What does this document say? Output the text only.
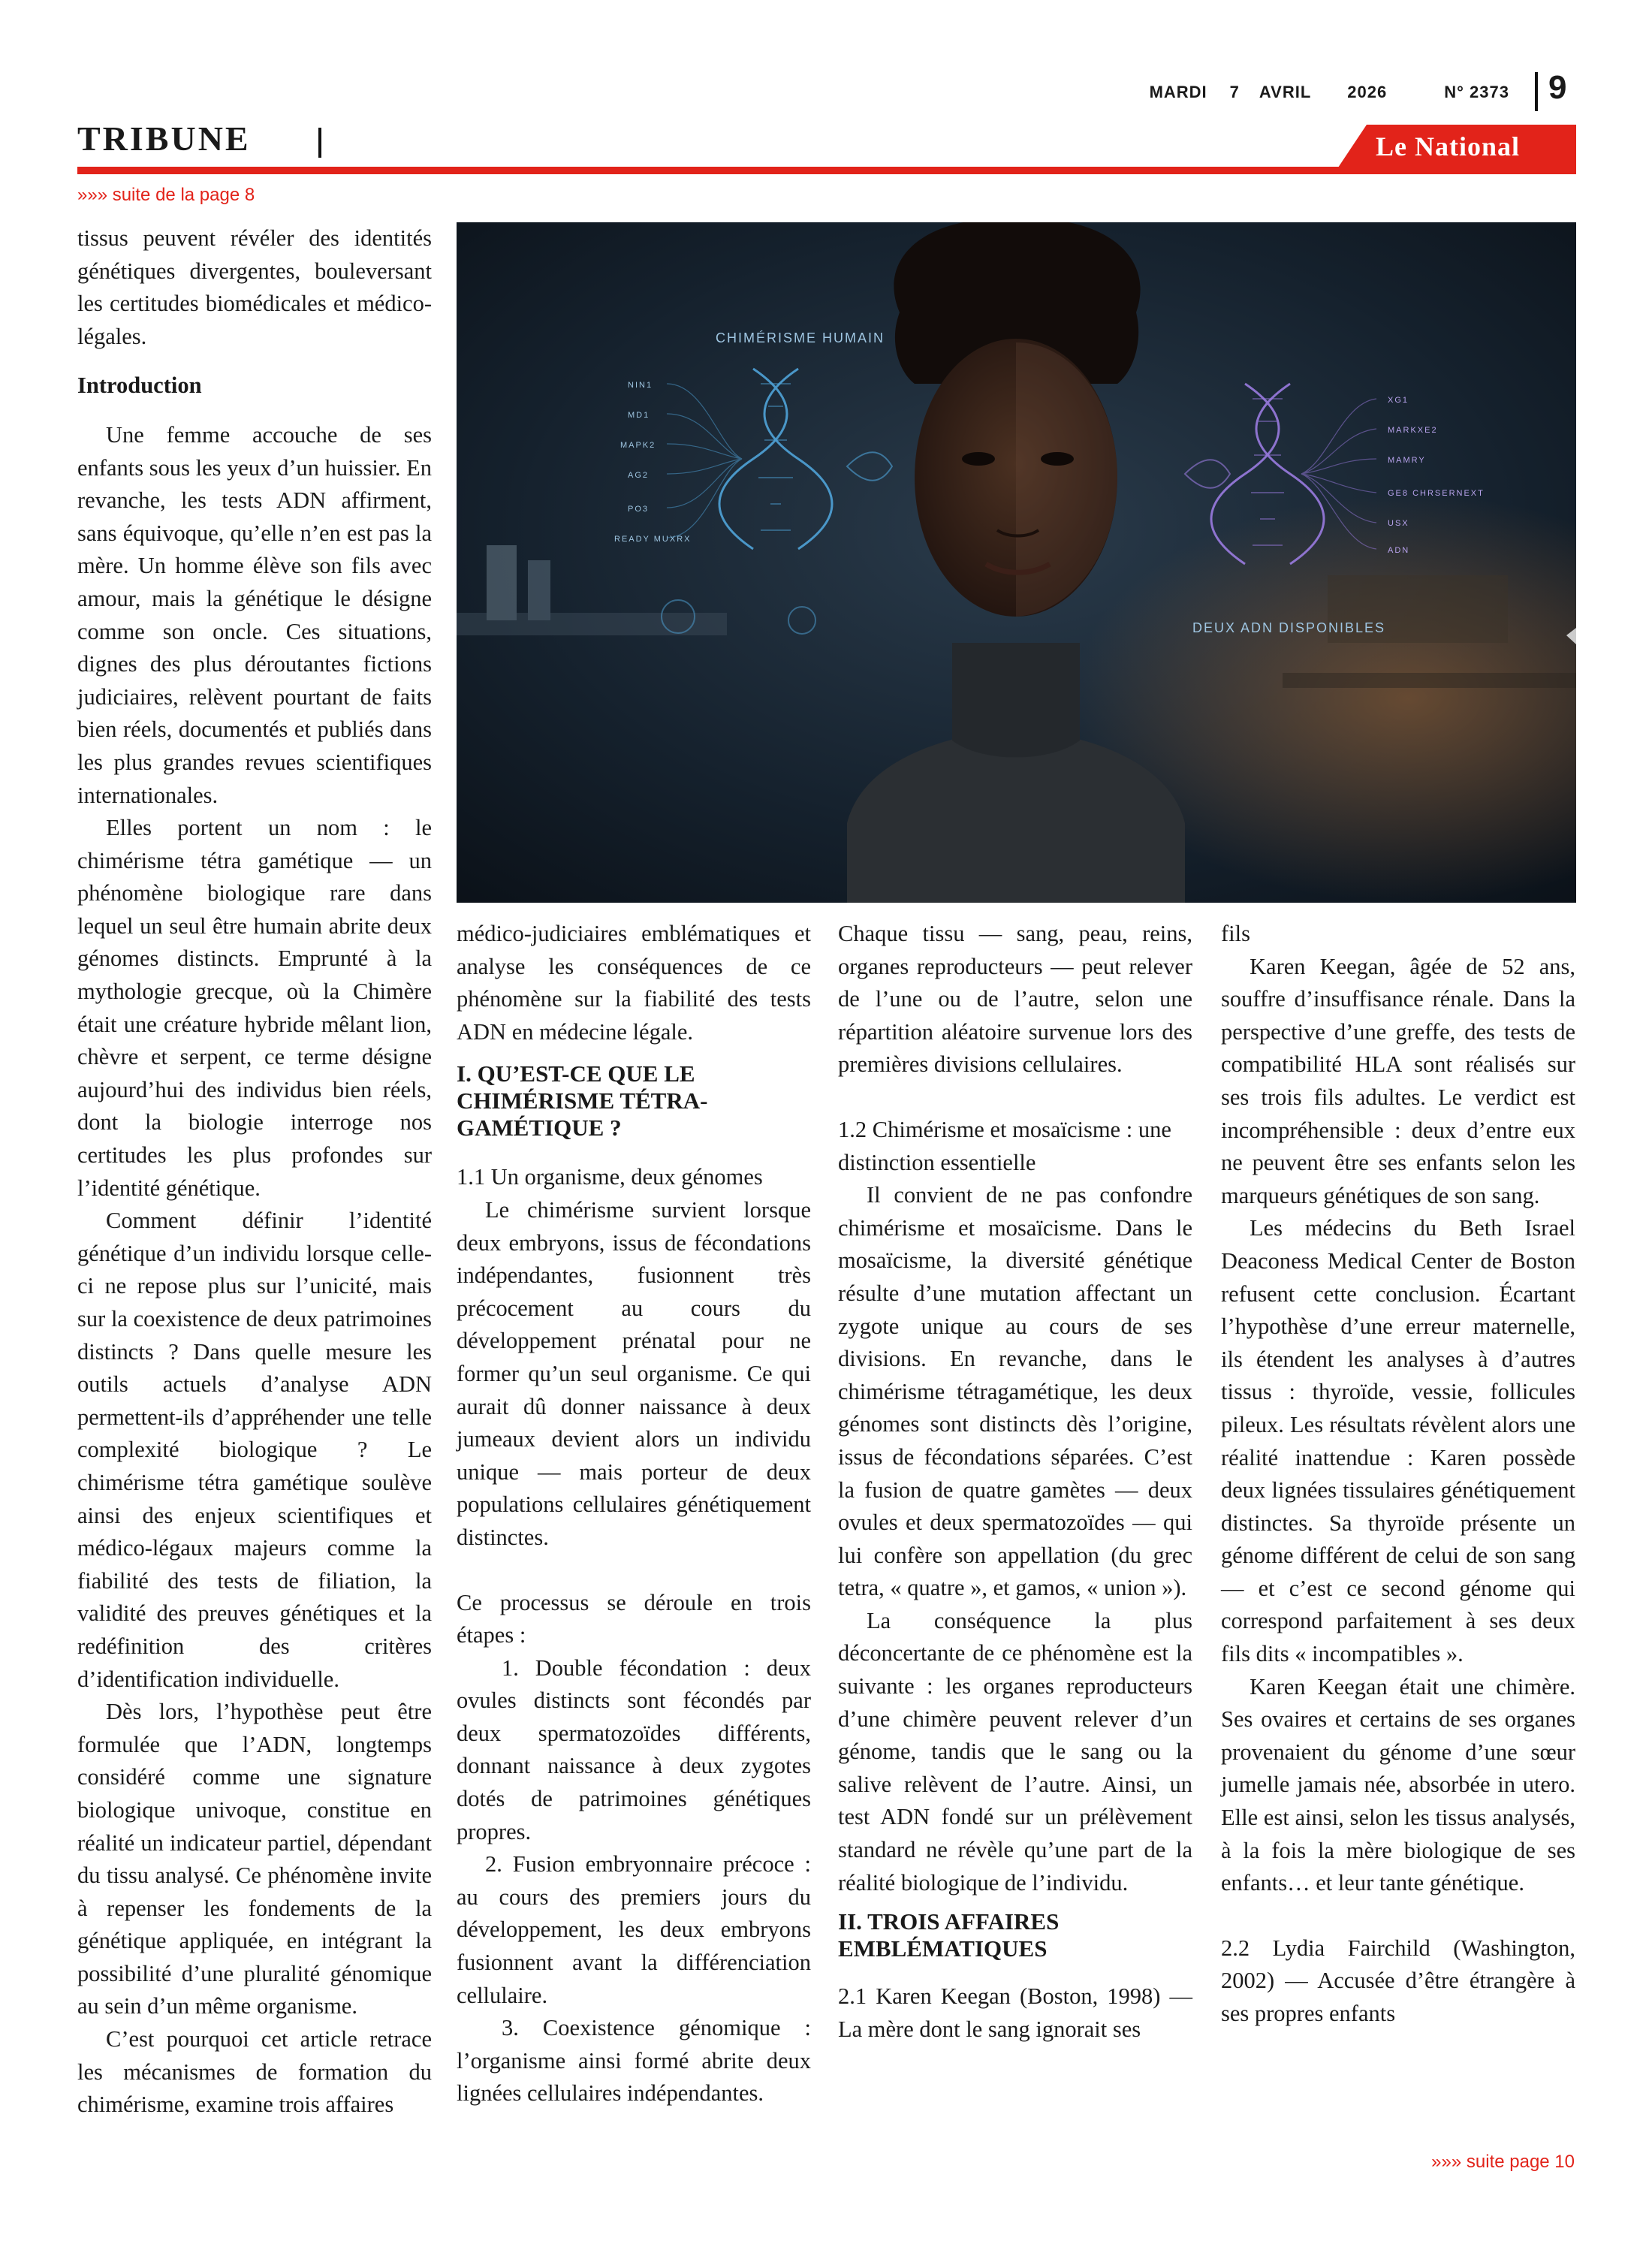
MARDI 7 AVRIL 2026	N° 2373 9
TRIBUNE	Le National
»»» suite de la page 8
CHIMÉRISME HUMAIN
NIN1
MD1
MAPK2
AG2
PO3
READY MUXRX
XG1
MARKXE2
MAMRY
GE8 CHRSERNEXT
USX
ADN
DEUX ADN DISPONIBLES

tissus peuvent révéler des identités génétiques divergentes, bouleversant les certitudes biomédicales et médico-légales.

Introduction

Une femme accouche de ses enfants sous les yeux d’un huissier. En revanche, les tests ADN affirment, sans équivoque, qu’elle n’en est pas la mère. Un homme élève son fils avec amour, mais la génétique le désigne comme son oncle. Ces situations, dignes des plus déroutantes fictions judiciaires, relèvent pourtant de faits bien réels, documentés et publiés dans les plus grandes revues scientifiques internationales.

Elles portent un nom : le chimérisme tétra gamétique — un phénomène biologique rare dans lequel un seul être humain abrite deux génomes distincts. Emprunté à la mythologie grecque, où la Chimère était une créature hybride mêlant lion, chèvre et serpent, ce terme désigne aujourd’hui des individus bien réels, dont la biologie interroge nos certitudes les plus profondes sur l’identité génétique.

Comment définir l’identité génétique d’un individu lorsque celle-ci ne repose plus sur l’unicité, mais sur la coexistence de deux patrimoines distincts ? Dans quelle mesure les outils actuels d’analyse ADN permettent-ils d’appréhender une telle complexité biologique ? Le chimérisme tétra gamétique soulève ainsi des enjeux scientifiques et médico-légaux majeurs comme la fiabilité des tests de filiation, la validité des preuves génétiques et la redéfinition des critères d’identification individuelle.

Dès lors, l’hypothèse peut être formulée que l’ADN, longtemps considéré comme une signature biologique univoque, constitue en réalité un indicateur partiel, dépendant du tissu analysé. Ce phénomène invite à repenser les fondements de la génétique appliquée, en intégrant la possibilité d’une pluralité génomique au sein d’un même organisme.

C’est pourquoi cet article retrace les mécanismes de formation du chimérisme, examine trois affaires

médico-judiciaires emblématiques et analyse les conséquences de ce phénomène sur la fiabilité des tests ADN en médecine légale.

I. QU’EST-CE QUE LE CHIMÉRISME TÉTRA-GAMÉTIQUE ?

1.1 Un organisme, deux génomes

Le chimérisme survient lorsque deux embryons, issus de fécondations indépendantes, fusionnent très précocement au cours du développement prénatal pour ne former qu’un seul organisme. Ce qui aurait dû donner naissance à deux jumeaux devient alors un individu unique — mais porteur de deux populations cellulaires génétiquement distinctes.

Ce processus se déroule en trois étapes :

1. Double fécondation : deux ovules distincts sont fécondés par deux spermatozoïdes différents, donnant naissance à deux zygotes dotés de patrimoines génétiques propres.

2. Fusion embryonnaire précoce : au cours des premiers jours du développement, les deux embryons fusionnent avant la différenciation cellulaire.

3. Coexistence génomique : l’organisme ainsi formé abrite deux lignées cellulaires indépendantes.

Chaque tissu — sang, peau, reins, organes reproducteurs — peut relever de l’une ou de l’autre, selon une répartition aléatoire survenue lors des premières divisions cellulaires.

1.2 Chimérisme et mosaïcisme : une distinction essentielle

Il convient de ne pas confondre chimérisme et mosaïcisme. Dans le mosaïcisme, la diversité génétique résulte d’une mutation affectant un zygote unique au cours de ses divisions. En revanche, dans le chimérisme tétragamétique, les deux génomes sont distincts dès l’origine, issus de fécondations séparées. C’est la fusion de quatre gamètes — deux ovules et deux spermatozoïdes — qui lui confère son appellation (du grec tetra, « quatre », et gamos, « union »).

La conséquence la plus déconcertante de ce phénomène est la suivante : les organes reproducteurs d’une chimère peuvent relever d’un génome, tandis que le sang ou la salive relèvent de l’autre. Ainsi, un test ADN fondé sur un prélèvement standard ne révèle qu’une part de la réalité biologique de l’individu.

II. TROIS AFFAIRES EMBLÉMATIQUES

2.1 Karen Keegan (Boston, 1998) — La mère dont le sang ignorait ses

fils

Karen Keegan, âgée de 52 ans, souffre d’insuffisance rénale. Dans la perspective d’une greffe, des tests de compatibilité HLA sont réalisés sur ses trois fils adultes. Le verdict est incompréhensible : deux d’entre eux ne peuvent être ses enfants selon les marqueurs génétiques de son sang.

Les médecins du Beth Israel Deaconess Medical Center de Boston refusent cette conclusion. Écartant l’hypothèse d’une erreur maternelle, ils étendent les analyses à d’autres tissus : thyroïde, vessie, follicules pileux. Les résultats révèlent alors une réalité inattendue : Karen possède deux lignées tissulaires génétiquement distinctes. Sa thyroïde présente un génome différent de celui de son sang — et c’est ce second génome qui correspond parfaitement à ses deux fils dits « incompatibles ».

Karen Keegan était une chimère. Ses ovaires et certains de ses organes provenaient du génome d’une sœur jumelle jamais née, absorbée in utero. Elle est ainsi, selon les tissus analysés, à la fois la mère biologique de ses enfants… et leur tante génétique.

2.2 Lydia Fairchild (Washington, 2002) — Accusée d’être étrangère à ses propres enfants

»»» suite page 10
